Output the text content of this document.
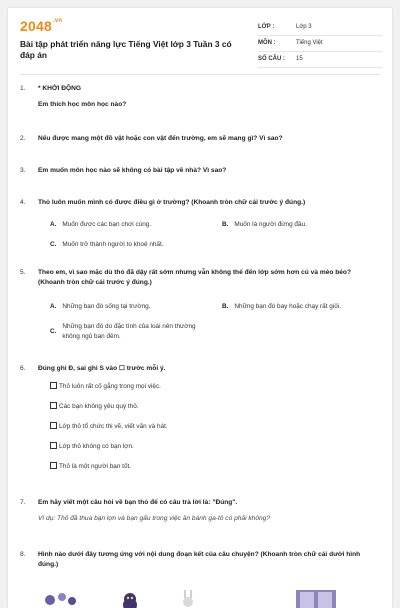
$2048^{.vn}$
Bài tập phát triển năng lực Tiếng Việt lớp 3 Tuần 3 có đáp án
LỚP :	Lớp 3
MÔN :	Tiếng Việt
SỐ CÂU : 15
1.	* KHỞI ĐỘNG
Em thích học môn học nào?
2.	Nếu được mang một đồ vật hoặc con vật đến trường, em sẽ mang gì? Vì sao?
3.	Em muốn môn học nào sẽ không có bài tập về nhà? Vì sao?
4.	Thỏ luôn muốn mình có được điều gì ở trường? (Khoanh tròn chữ cái trước ý đúng.)
A. Muốn được các bạn chơi cùng.	B. Muốn là người đứng đầu.
C. Muốn trở thành người to khoẻ nhất.
5.	Theo em, vì sao mặc dù thỏ đã dậy rất sớm nhưng vẫn không thể đến lớp sớm hơn cú và mèo béo? (Khoanh tròn chữ cái trước ý đúng.)
A. Những bạn đó sống tại trường.	B. Những bạn đó bay hoặc chạy rất giỏi.
C.Những bạn đó do đặc tính của loài nên thường không ngủ ban đêm.
6.	Đúng ghi Đ, sai ghi S vào ☐ trước mỗi ý.
Thỏ luôn rất cố gắng trong mọi việc.
Các bạn không yêu quý thỏ.
Lớp thỏ tổ chức thi vẽ, viết văn và hát.
Lớp thỏ không có bạn lợn.
Thỏ là một người bạn tốt.
7.	Em hãy viết một câu hỏi về bạn thỏ để có câu trả lời là: "Đúng".
Ví dụ: Thỏ đã thua bạn lợn và bạn gấu trong việc ăn bánh ga-tô có phải không?
8.	Hình nào dưới đây tương ứng với nội dung đoạn kết của câu chuyện? (Khoanh tròn chữ cái dưới hình đúng.)
